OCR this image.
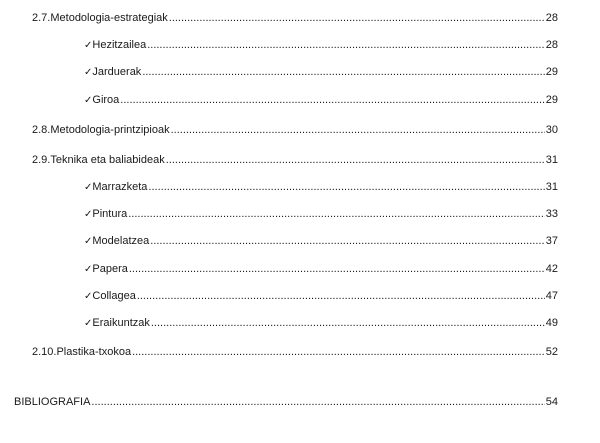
2.7. Metodologia-estrategiak .....	28
✓ Hezitzailea .....	28
✓ Jarduerak .....	29
✓ Giroa .....	29
2.8. Metodologia-printzipioak .....	30
2.9. Teknika eta baliabideak .....	31
✓ Marrazketa .....	31
✓ Pintura .....	33
✓ Modelatzea .....	37
✓ Papera .....	42
✓ Collagea .....	47
✓ Eraikuntzak .....	49
2.10. Plastika-txokoa .....	52
BIBLIOGRAFIA .....	54
